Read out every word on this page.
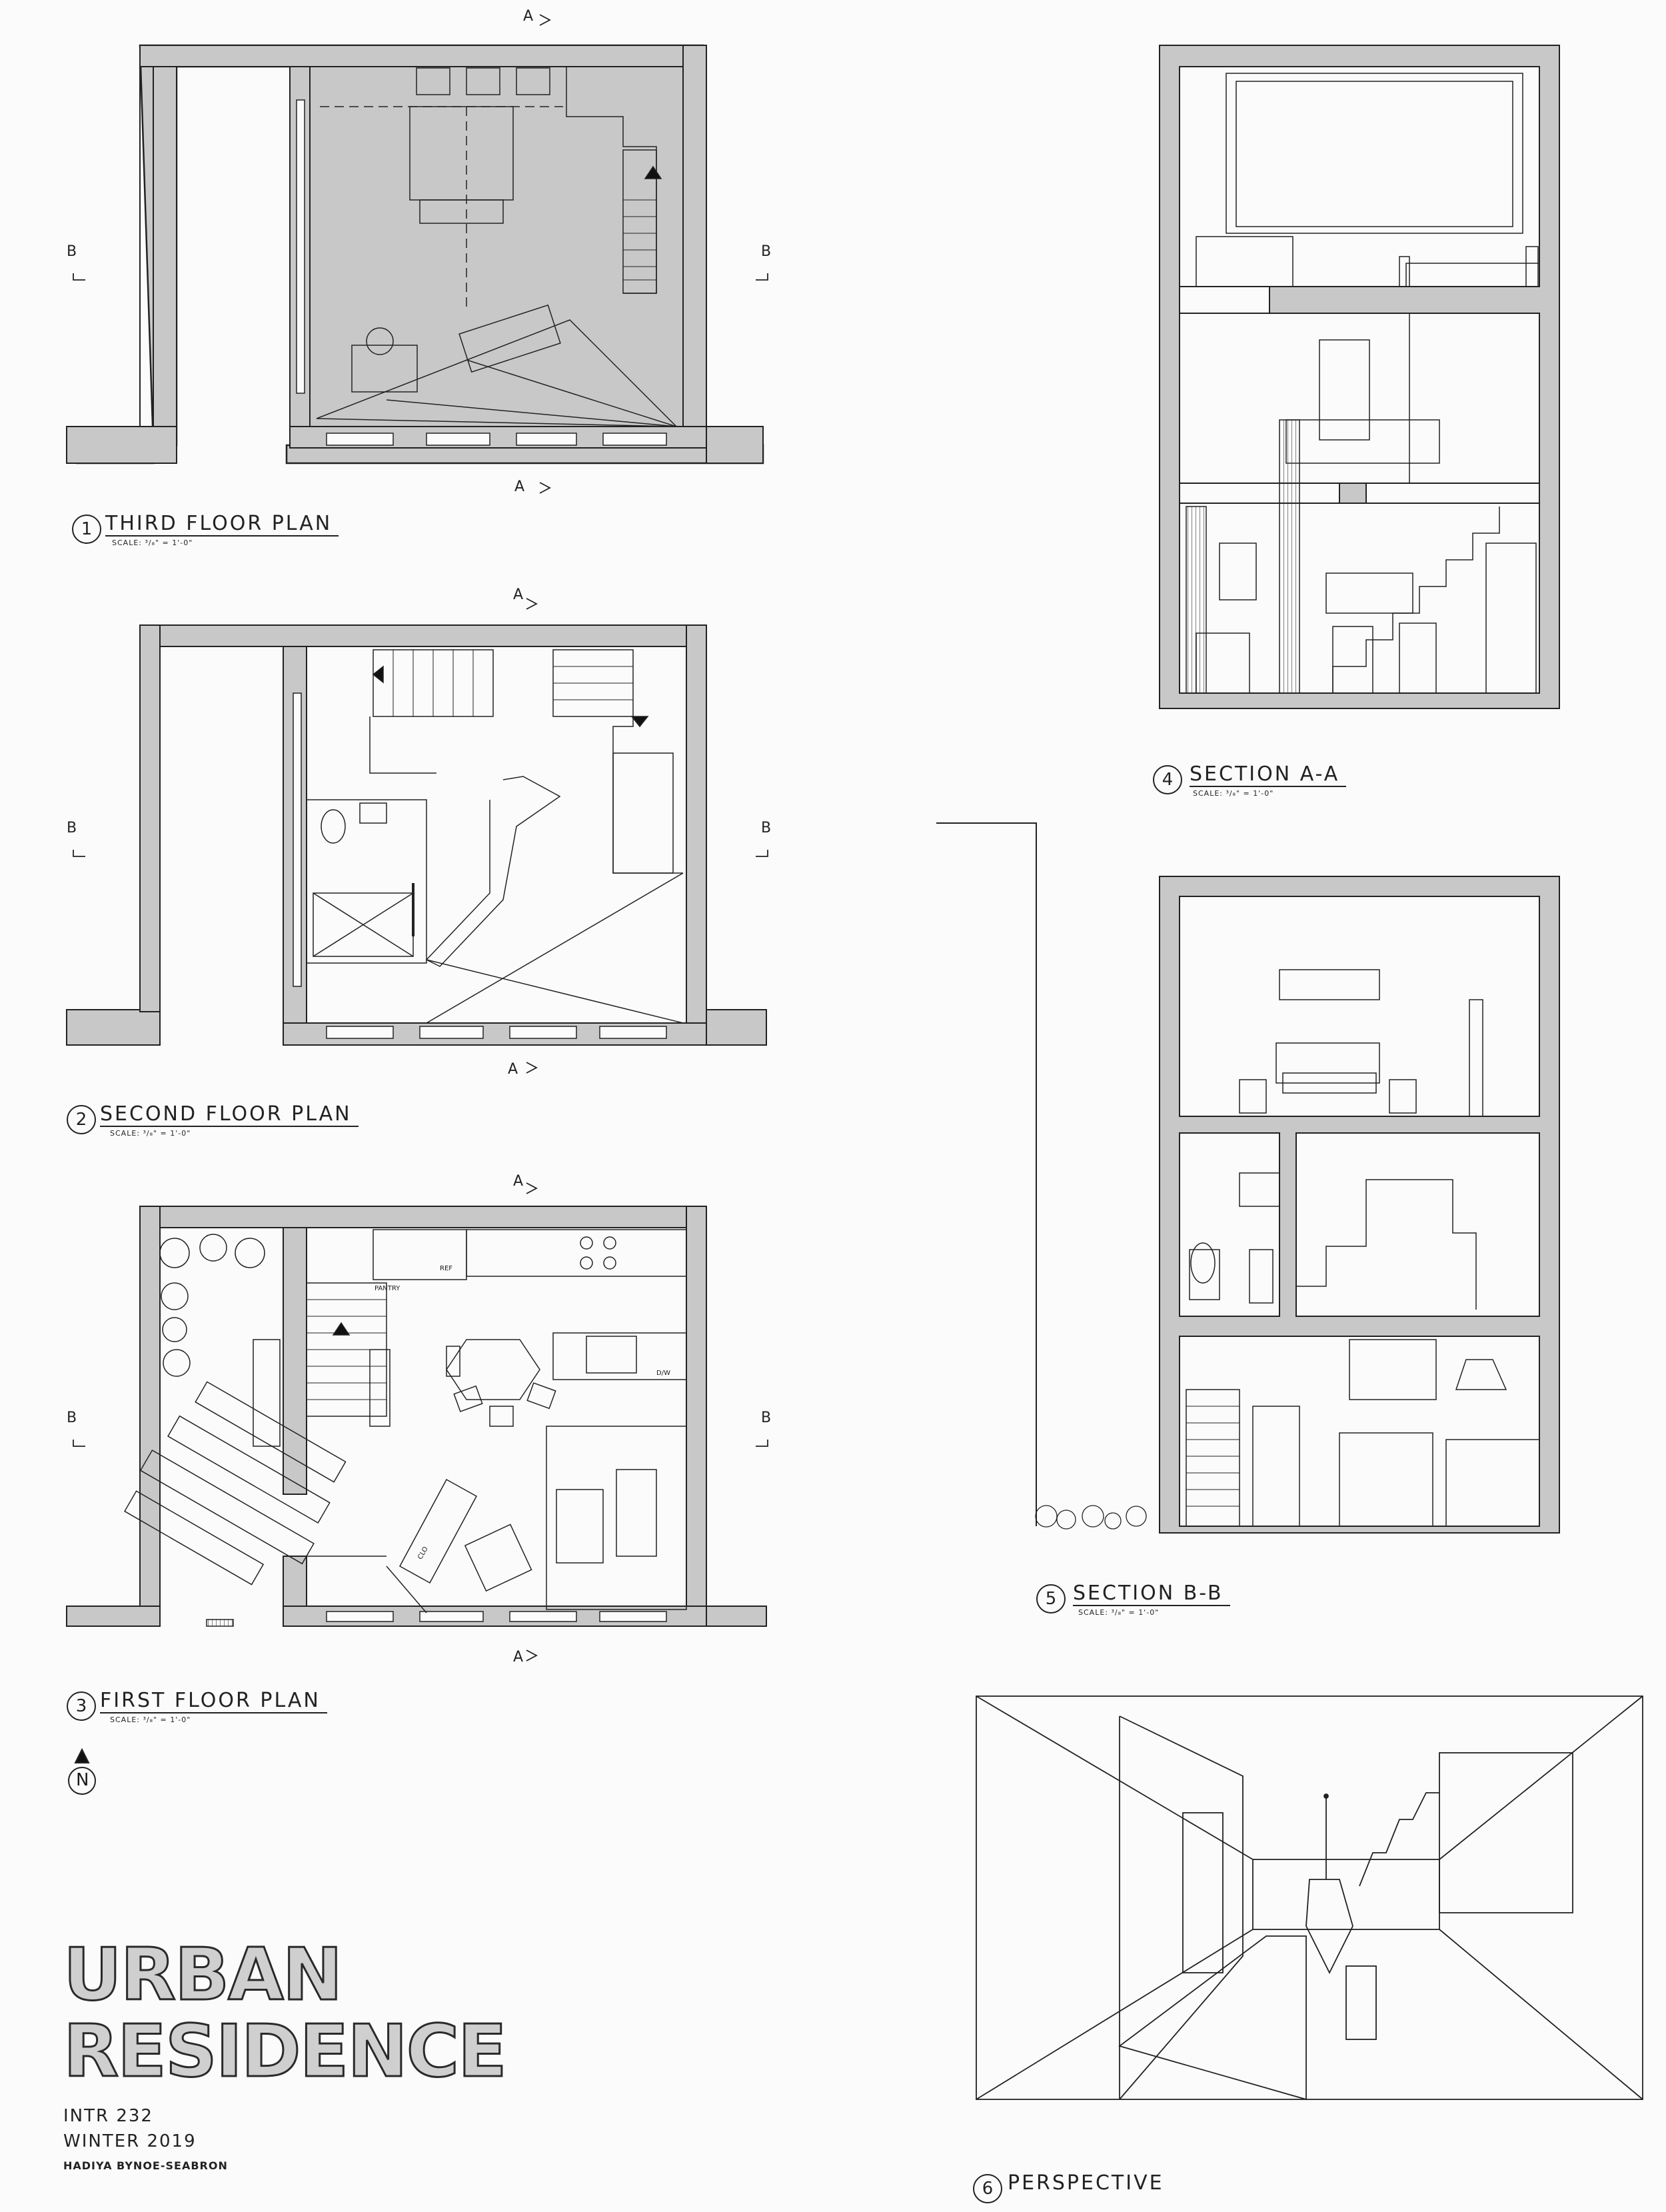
A
A
A
A
A
A
B	B
B	B
B	B
PANTRY
REF
D/W
CLO
1 THIRD FLOOR PLAN
SCALE: ³/₈" = 1'-0"
2 SECOND FLOOR PLAN
SCALE: ³/₈" = 1'-0"
3 FIRST FLOOR PLAN
SCALE: ³/₈" = 1'-0"
4 SECTION A-A
SCALE: ³/₈" = 1'-0"
5 SECTION B-B
SCALE: ³/₈" = 1'-0"
6 PERSPECTIVE
N
URBAN
RESIDENCE
INTR 232
WINTER 2019
HADIYA BYNOE-SEABRON
